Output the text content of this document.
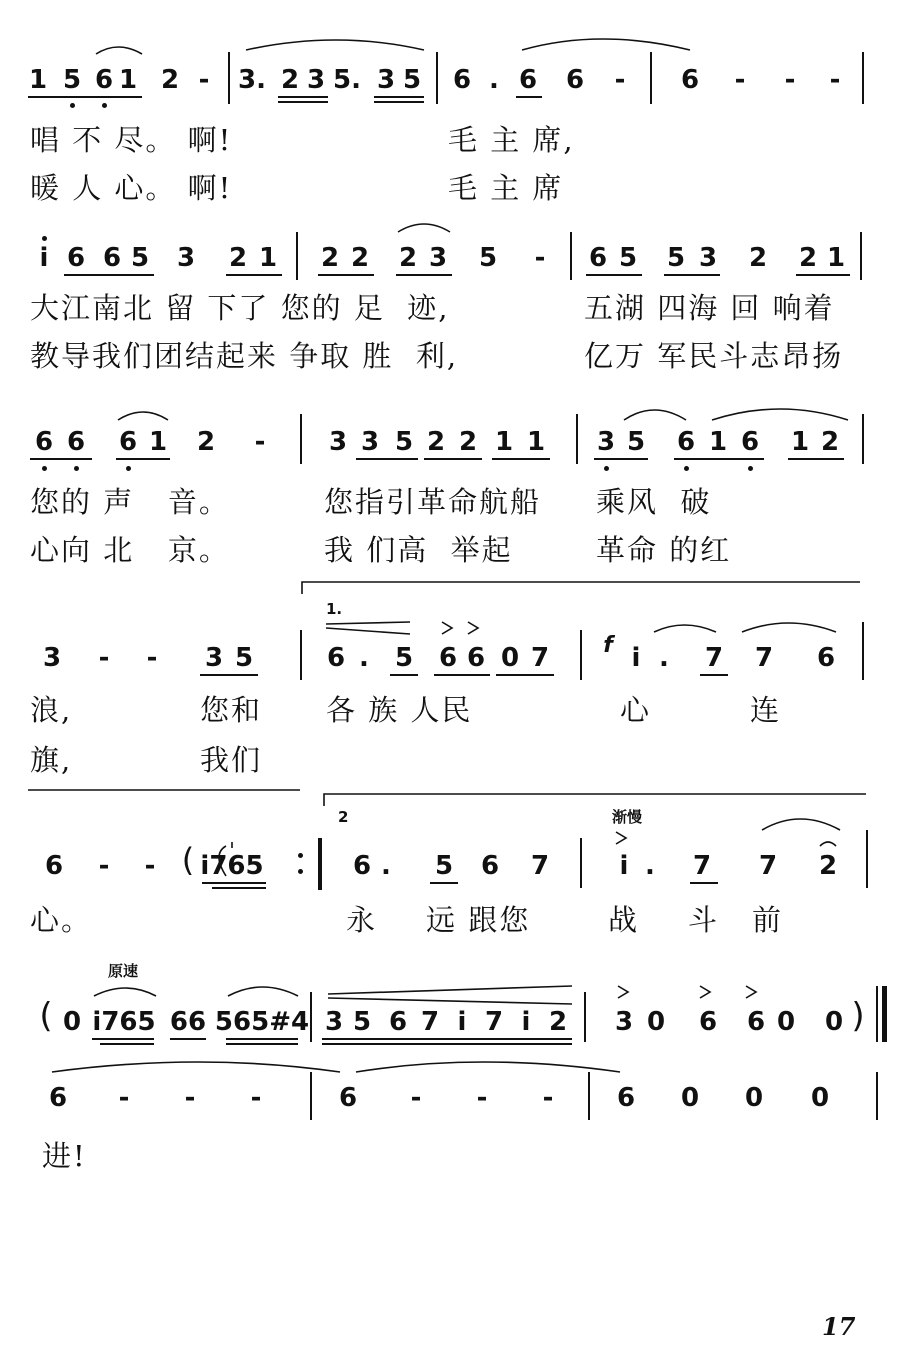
1 5 6 1 2 - 3. 2 3 5. 3 5 6 . 6 6 - 6 - - -
唱 不 尽。 啊!	毛 主 席,
暖 人 心。 啊!	毛 主 席
i 6 6 5 3 2 1 2 2 2 3 5 - 6 5 5 3 2 2 1
大江南北 留 下了 您的 足  迹,	五湖 四海 回 响着
教导我们团结起来 争取 胜  利,	亿万 军民斗志昂扬
6 6 6 1 2 - 3 3 5 2 2 1 1 3 5 6 1 6 1 2
您的 声   音。	您指引革命航船 乘风  破
心向 北   京。	我 们高  举起	革命 的红
1.
3 - - 3 5	6 . 5 6 6 0 7 f i . 7 7 6
浪,	您和 各 族 人民	心	连
旗,	我们
2	渐慢
6 - - ( i765	6 . 5 6 7	i . 7 7 2
心。	永 远 跟您	战 斗 前
原速
( 0 i765 66 565#4 3 5 6 7 i 7 i 2 3 0 6 6 0 0 )
6 - - -	6 - - - 6 0 0 0
进!
17
